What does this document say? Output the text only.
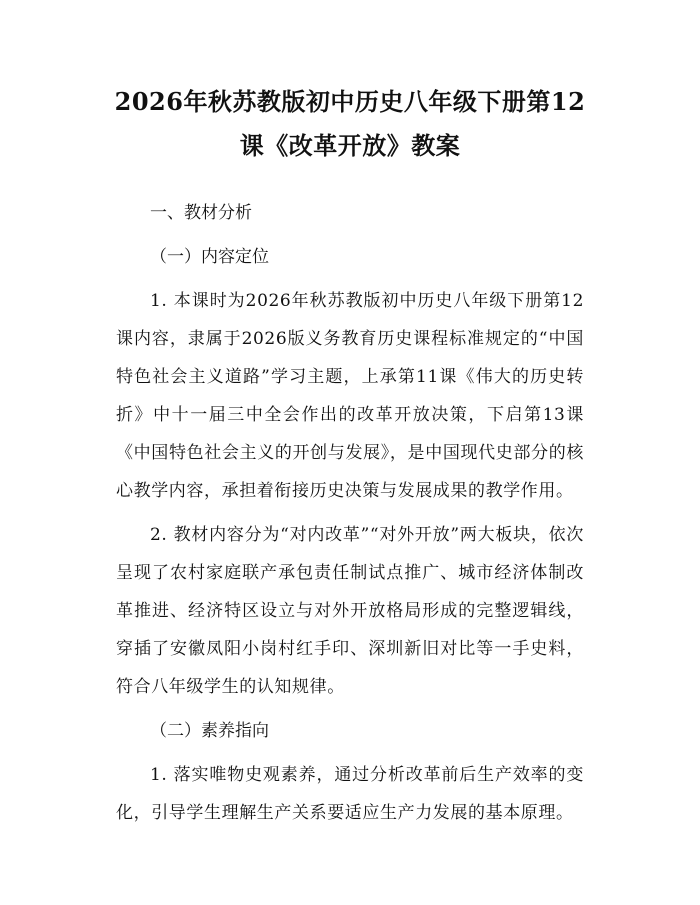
2026年秋苏教版初中历史八年级下册第12
课《改革开放》教案

一、教材分析

（一）内容定位

1. 本课时为2026年秋苏教版初中历史八年级下册第12课内容，隶属于2026版义务教育历史课程标准规定的“中国特色社会主义道路”学习主题，上承第11课《伟大的历史转折》中十一届三中全会作出的改革开放决策，下启第13课《中国特色社会主义的开创与发展》，是中国现代史部分的核心教学内容，承担着衔接历史决策与发展成果的教学作用。

2. 教材内容分为“对内改革”“对外开放”两大板块，依次呈现了农村家庭联产承包责任制试点推广、城市经济体制改革推进、经济特区设立与对外开放格局形成的完整逻辑线，穿插了安徽凤阳小岗村红手印、深圳新旧对比等一手史料，符合八年级学生的认知规律。

（二）素养指向

1. 落实唯物史观素养，通过分析改革前后生产效率的变化，引导学生理解生产关系要适应生产力发展的基本原理。
